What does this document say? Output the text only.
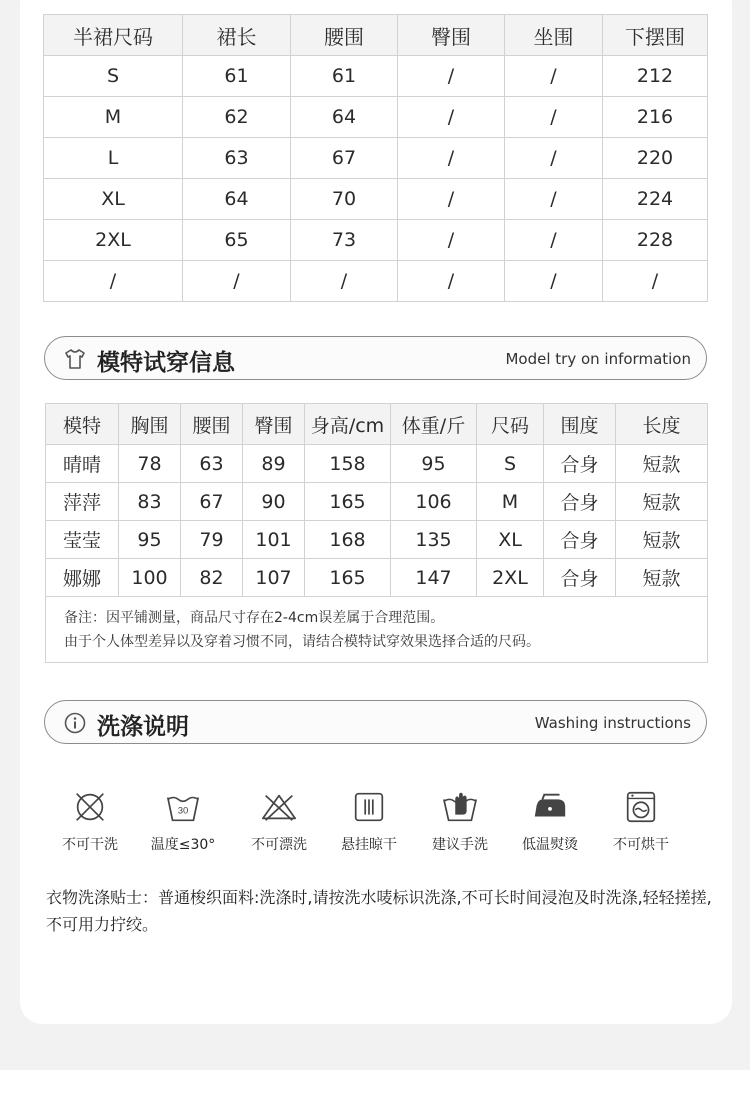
半裙尺码	裙长	腰围	臀围	坐围	下摆围
S	61	61	/	/	212
M	62	64	/	/	216
L	63	67	/	/	220
XL	64	70	/	/	224
2XL	65	73	/	/	228
/	/	/	/	/	/
模特试穿信息	Model try on information
模特	胸围	腰围	臀围	身高/cm	体重/斤	尺码	围度	长度
晴晴	78	63	89	158	95	S	合身	短款
萍萍	83	67	90	165	106	M	合身	短款
莹莹	95	79	101	168	135	XL	合身	短款
娜娜	100	82	107	165	147	2XL	合身	短款

备注：因平铺测量，商品尺寸存在2-4cm误差属于合理范围。
由于个人体型差异以及穿着习惯不同，请结合模特试穿效果选择合适的尺码。								
洗涤说明	Washing instructions
不可干洗
30
温度≤30°	不可漂洗	悬挂晾干	建议手洗	低温熨烫	不可烘干
衣物洗涤贴士：普通梭织面料:洗涤时,请按洗水唛标识洗涤,不可长时间浸泡及时洗涤,轻轻搓搓,不可用力拧绞。
